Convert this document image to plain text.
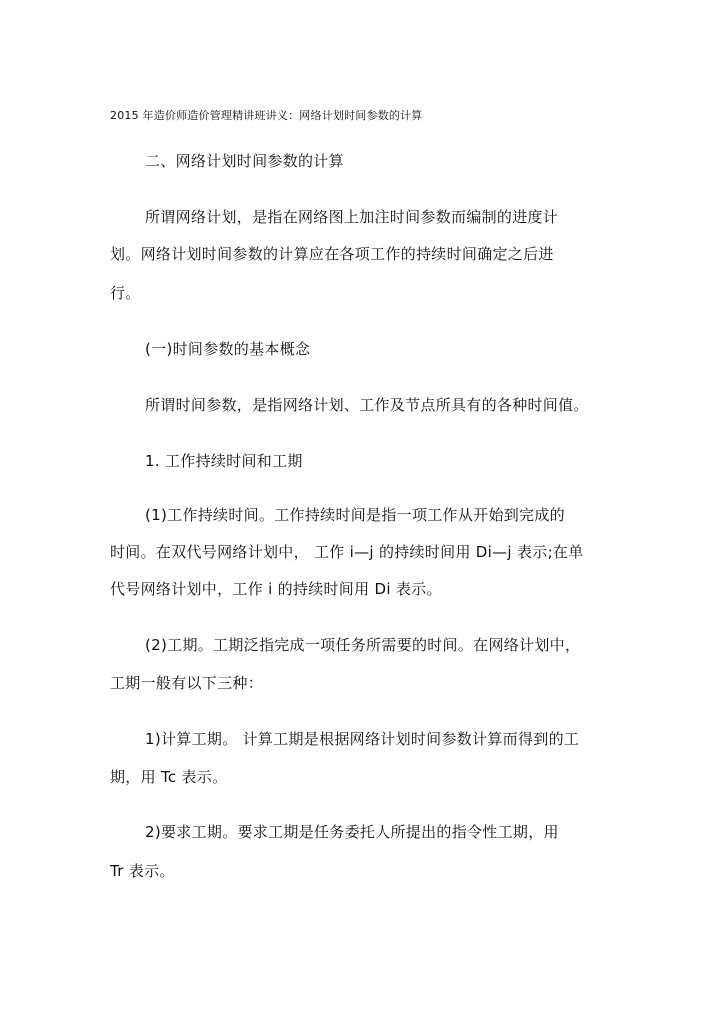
2015 年造价师造价管理精讲班讲义：网络计划时间参数的计算
二、网络计划时间参数的计算
所谓网络计划，是指在网络图上加注时间参数而编制的进度计
划。网络计划时间参数的计算应在各项工作的持续时间确定之后进
行。
(一)时间参数的基本概念
所谓时间参数，是指网络计划、工作及节点所具有的各种时间值。
1. 工作持续时间和工期
(1)工作持续时间。工作持续时间是指一项工作从开始到完成的
时间。在双代号网络计划中， 工作 i—j 的持续时间用 Di—j 表示;在单
代号网络计划中，工作 i 的持续时间用 Di 表示。
(2)工期。工期泛指完成一项任务所需要的时间。在网络计划中，
工期一般有以下三种：
1)计算工期。 计算工期是根据网络计划时间参数计算而得到的工
期，用 Tc 表示。
2)要求工期。要求工期是任务委托人所提出的指令性工期，用
Tr 表示。
